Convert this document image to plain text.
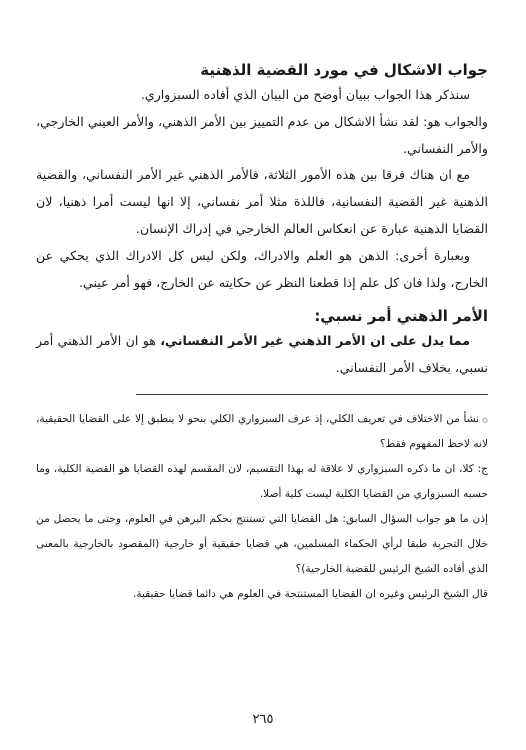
جواب الاشكال في مورد القضية الذهنية

سنذكر هذا الجواب ببيان أوضح من البيان الذي أفاده السبزواري.

والجواب هو: لقد نشأ الاشكال من عدم التمييز بين الأمر الذهني، والأمر العيني الخارجي، والأمر النفساني.

مع ان هناك فرقا بين هذه الأمور الثلاثة، فالأمر الذهني غير الأمر النفساني، والقضية الذهنية غير القضية النفسانية، فاللذة مثلا أمر نفساني، إلا انها ليست أمرا ذهنيا، لان القضايا الذهنية عبارة عن انعكاس العالم الخارجي في إدراك الإنسان.

وبعبارة أخرى: الذهن هو العلم والادراك، ولكن ليس كل الادراك الذي يحكي عن الخارج، ولذا فان كل علم إذا قطعنا النظر عن حكايته عن الخارج، فهو أمر عيني.

الأمر الذهني أمر نسبي:

مما يدل على ان الأمر الذهني غير الأمر النفساني، هو ان الأمر الذهني أمر نسبي، بخلاف الأمر النفساني.

۞نشأ من الاختلاف في تعريف الكلي، إذ عرف السبزواري الكلي بنحو لا ينطبق إلا على القضايا الحقيقية، لانه لاحظ المفهوم فقط؟

ج: كلا، ان ما ذكره السبزواري لا علاقة له بهذا التقسيم، لان المقسم لهذه القضايا هو القضية الكلية، وما حسبه السبزواري من القضايا الكلية ليست كلية أصلا.

إذن ما هو جواب السؤال السابق: هل القضايا التي تستنتج بحكم البرهن في العلوم، وحتى ما يحصل من خلال التجربة طبقا لرأي الحكماء المسلمين، هي قضايا حقيقية أو خارجية (المقصود بالخارجية بالمعنى الذي أفاده الشيخ الرئيس للقضية الخارجية)؟

قال الشيخ الرئيس وغيره ان القضايا المستنتجة في العلوم هي دائما قضايا حقيقية.

٢٦٥
